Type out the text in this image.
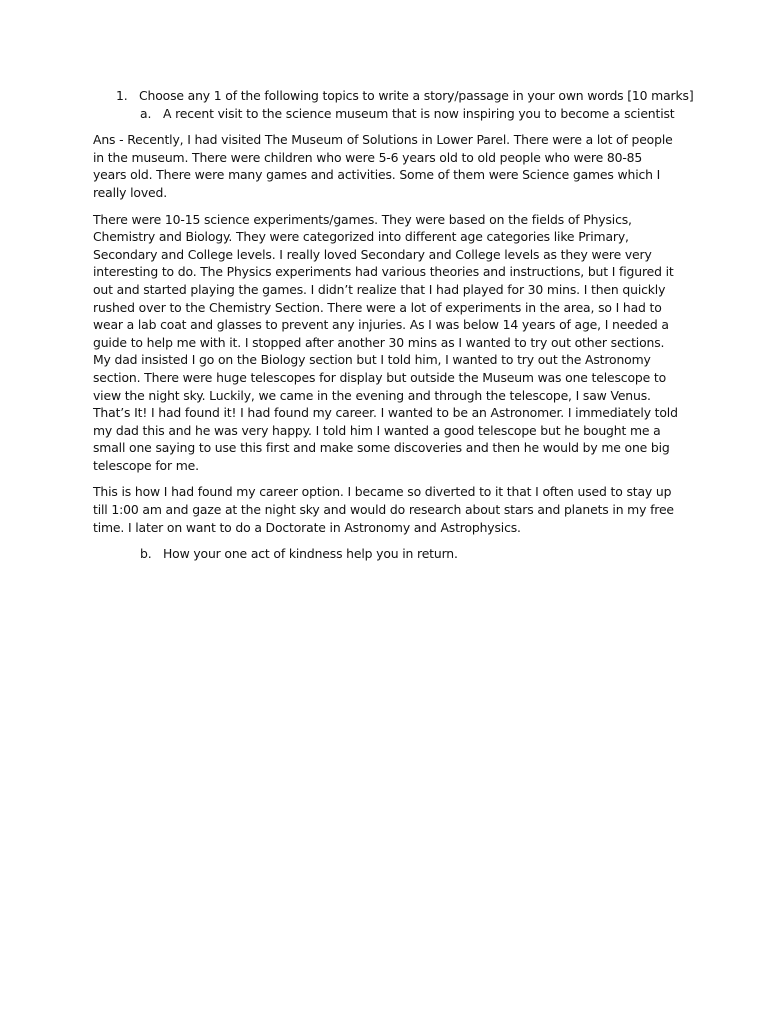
1. Choose any 1 of the following topics to write a story/passage in your own words [10 marks]
a. A recent visit to the science museum that is now inspiring you to become a scientist

Ans - Recently, I had visited The Museum of Solutions in Lower Parel. There were a lot of people in the museum. There were children who were 5-6 years old to old people who were 80-85 years old. There were many games and activities. Some of them were Science games which I really loved.

There were 10-15 science experiments/games. They were based on the fields of Physics, Chemistry and Biology. They were categorized into different age categories like Primary, Secondary and College levels. I really loved Secondary and College levels as they were very interesting to do. The Physics experiments had various theories and instructions, but I figured it out and started playing the games. I didn’t realize that I had played for 30 mins. I then quickly rushed over to the Chemistry Section. There were a lot of experiments in the area, so I had to wear a lab coat and glasses to prevent any injuries. As I was below 14 years of age, I needed a guide to help me with it. I stopped after another 30 mins as I wanted to try out other sections. My dad insisted I go on the Biology section but I told him, I wanted to try out the Astronomy section. There were huge telescopes for display but outside the Museum was one telescope to view the night sky. Luckily, we came in the evening and through the telescope, I saw Venus. That’s It! I had found it! I had found my career. I wanted to be an Astronomer. I immediately told my dad this and he was very happy. I told him I wanted a good telescope but he bought me a small one saying to use this first and make some discoveries and then he would by me one big telescope for me.

This is how I had found my career option. I became so diverted to it that I often used to stay up till 1:00 am and gaze at the night sky and would do research about stars and planets in my free time. I later on want to do a Doctorate in Astronomy and Astrophysics.

b. How your one act of kindness help you in return.
